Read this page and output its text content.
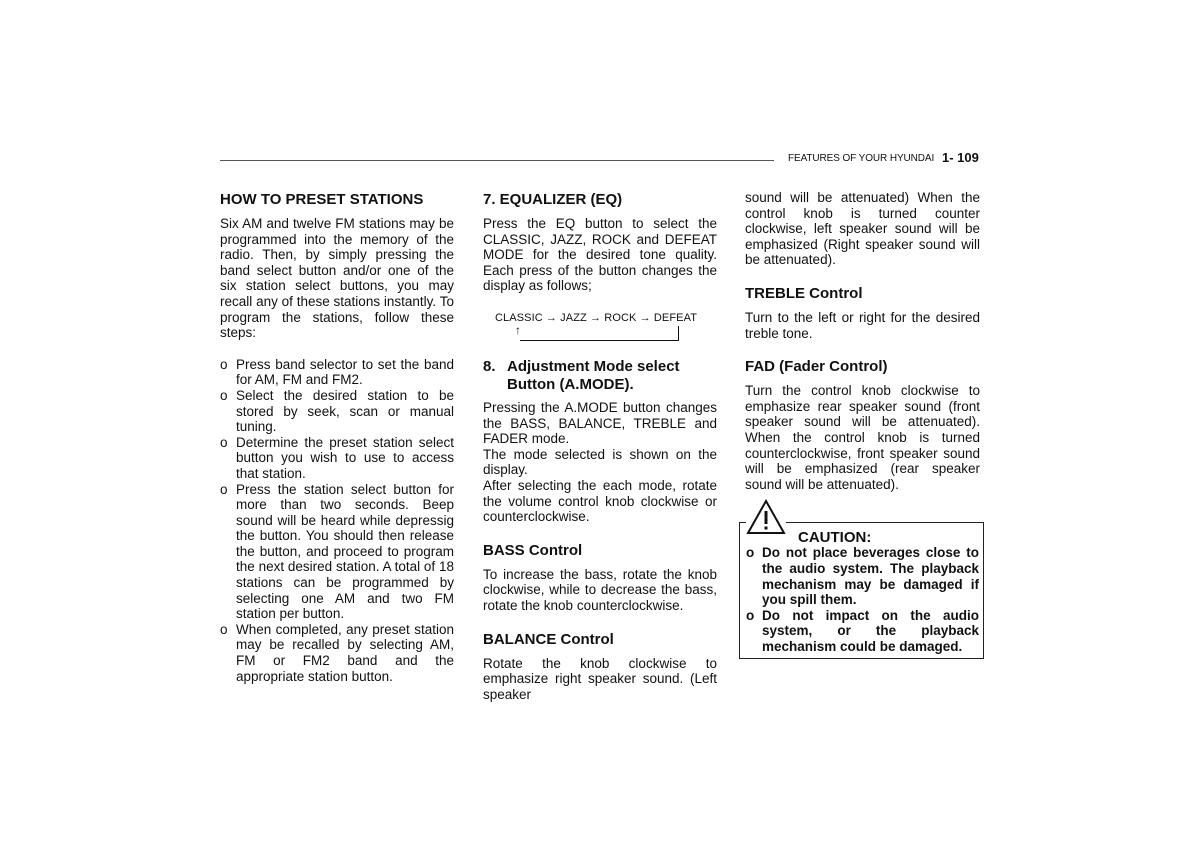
FEATURES OF YOUR HYUNDAI 1- 109
HOW TO PRESET STATIONS

Six AM and twelve FM stations may be programmed into the memory of the radio. Then, by simply pressing the band select button and/or one of the six station select buttons, you may recall any of these stations instantly. To program the stations, follow these steps:

o Press band selector to set the band for AM, FM and FM2.
o Select the desired station to be stored by seek, scan or manual tuning.
o Determine the preset station select button you wish to use to access that station.
o Press the station select button for more than two seconds. Beep sound will be heard while depressig the button. You should then release the button, and proceed to program the next desired station. A total of 18 stations can be programmed by selecting one AM and two FM station per button.
o When completed, any preset station may be recalled by selecting AM, FM or FM2 band and the appropriate station button.
7. EQUALIZER (EQ)

Press the EQ button to select the CLASSIC, JAZZ, ROCK and DEFEAT MODE for the desired tone quality. Each press of the button changes the display as follows;

CLASSIC → JAZZ → ROCK → DEFEAT
↑
8. Adjustment Mode select Button (A.MODE).

Pressing the A.MODE button changes the BASS, BALANCE, TREBLE and FADER mode.

The mode selected is shown on the display.

After selecting the each mode, rotate the volume control knob clockwise or counterclockwise.

BASS Control

To increase the bass, rotate the knob clockwise, while to decrease the bass, rotate the knob counterclockwise.

BALANCE Control

Rotate the knob clockwise to emphasize right speaker sound. (Left speaker

sound will be attenuated) When the control knob is turned counter clockwise, left speaker sound will be emphasized (Right speaker sound will be attenuated).

TREBLE Control

Turn to the left or right for the desired treble tone.

FAD (Fader Control)

Turn the control knob clockwise to emphasize rear speaker sound (front speaker sound will be attenuated). When the control knob is turned counterclockwise, front speaker sound will be emphasized (rear speaker sound will be attenuated).

CAUTION:
o Do not place beverages close to the audio system. The playback mechanism may be damaged if you spill them.
o Do not impact on the audio system, or the playback mechanism could be damaged.
